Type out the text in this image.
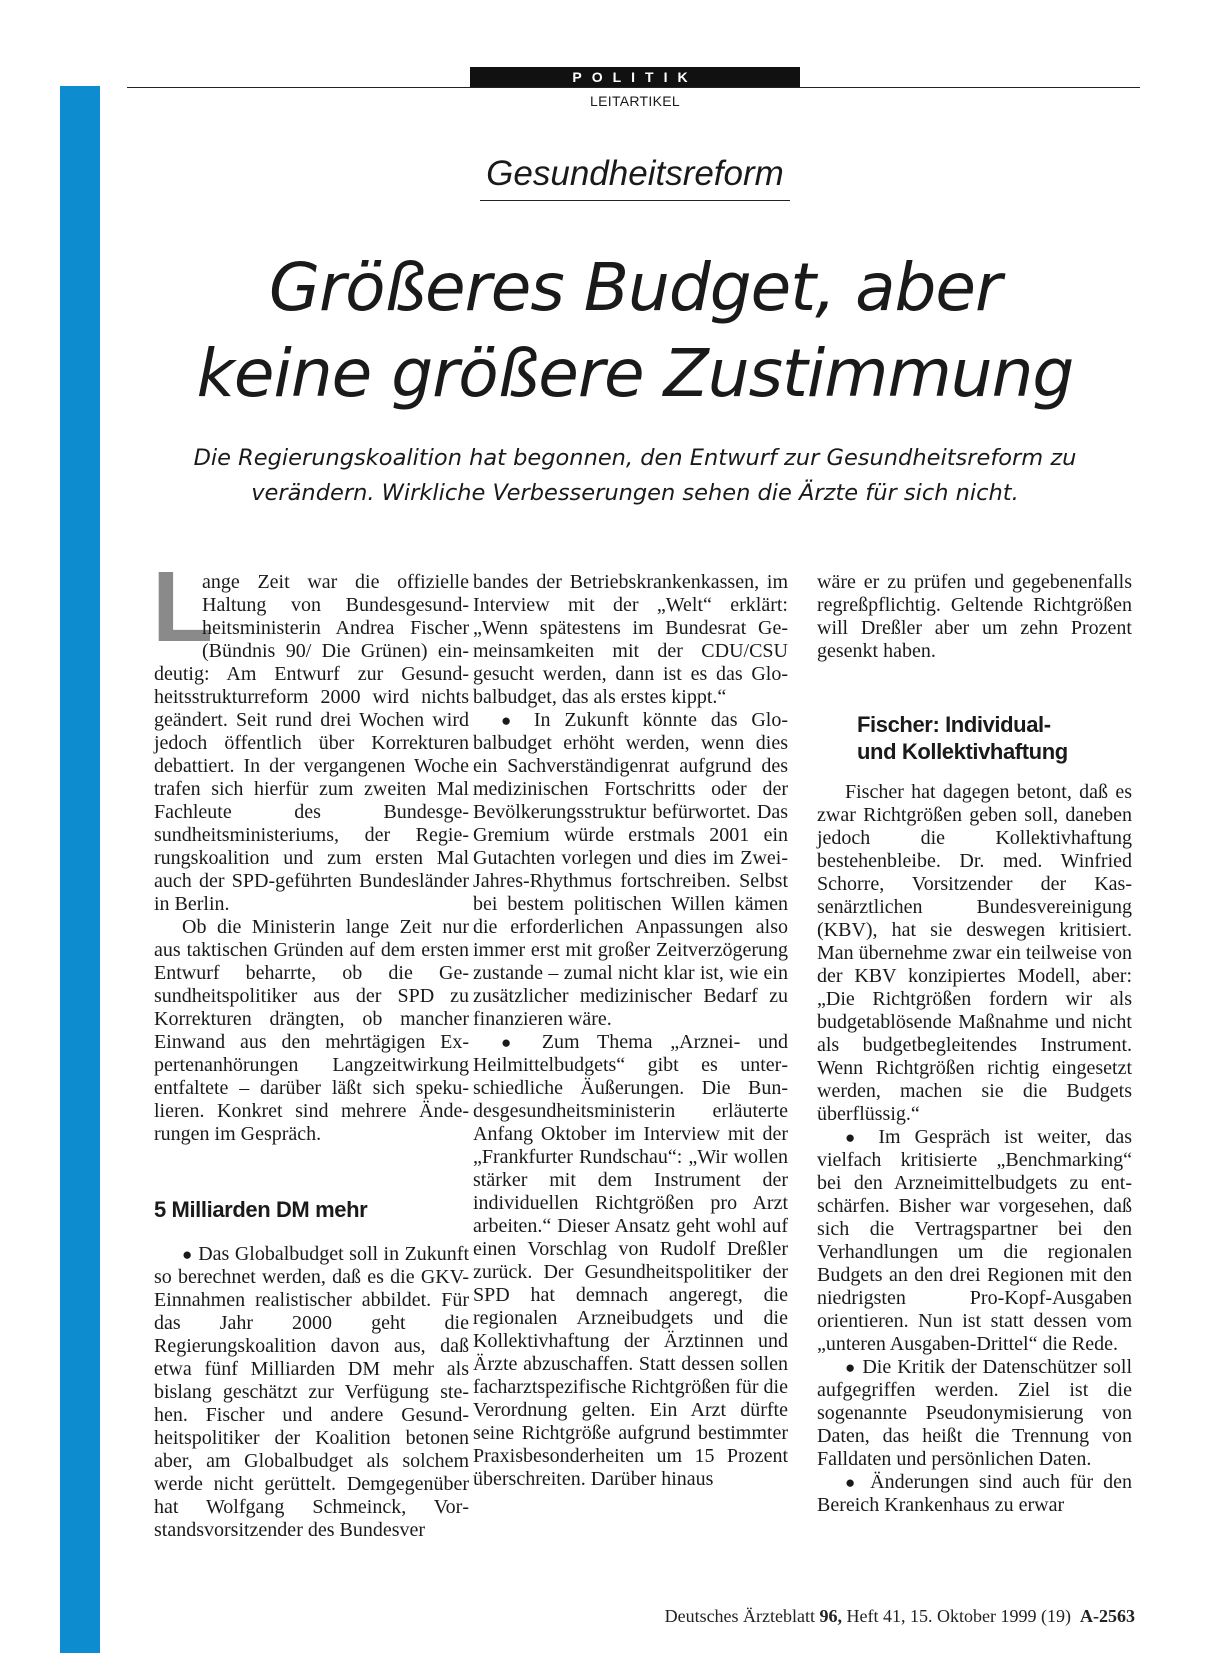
POLITIK
LEITARTIKEL
Gesundheitsreform
Größeres Budget, aber
keine größere Zustimmung
Die Regierungskoalition hat begonnen, den Entwurf zur Gesundheitsreform zu
verändern. Wirkliche Verbesserungen sehen die Ärzte für sich nicht.

L
ange Zeit war die offizielle Haltung von Bundesgesundheitsministerin Andrea Fischer (Bündnis 90/ Die Grünen) eindeutig: Am Entwurf zur Gesundheitsstrukturreform 2000 wird nichts geändert. Seit rund drei Wochen wird jedoch öffentlich über Korrekturen debattiert. In der vergangenen Woche trafen sich hierfür zum zweiten Mal Fachleute des Bundesgesundheitsministeriums, der Regierungskoalition und zum ersten Mal auch der SPD-geführten Bundesländer in Berlin.

Ob die Ministerin lange Zeit nur aus taktischen Gründen auf dem ersten Entwurf beharrte, ob die Gesundheitspolitiker aus der SPD zu Korrekturen drängten, ob mancher Einwand aus den mehrtägigen Expertenanhörungen Langzeitwirkung entfaltete – darüber läßt sich spekulieren. Konkret sind mehrere Änderungen im Gespräch.

5 Milliarden DM mehr

● Das Globalbudget soll in Zukunft so berechnet werden, daß es die GKV-Einnahmen realistischer abbildet. Für das Jahr 2000 geht die Regierungskoalition davon aus, daß etwa fünf Milliarden DM mehr als bislang geschätzt zur Verfügung stehen. Fischer und andere Gesundheitspolitiker der Koalition betonen aber, am Globalbudget als solchem werde nicht gerüttelt. Demgegenüber hat Wolfgang Schmeinck, Vorstandsvorsitzender des Bundesver

bandes der Betriebskrankenkassen, im Interview mit der „Welt“ erklärt: „Wenn spätestens im Bundesrat Gemeinsamkeiten mit der CDU/CSU gesucht werden, dann ist es das Globalbudget, das als erstes kippt.“

● In Zukunft könnte das Globalbudget erhöht werden, wenn dies ein Sachverständigenrat aufgrund des medizinischen Fortschritts oder der Bevölkerungsstruktur befürwortet. Das Gremium würde erstmals 2001 ein Gutachten vorlegen und dies im Zwei-Jahres-Rhythmus fortschreiben. Selbst bei bestem politischen Willen kämen die erforderlichen Anpassungen also immer erst mit großer Zeitverzögerung zustande – zumal nicht klar ist, wie ein zusätzlicher medizinischer Bedarf zu finanzieren wäre.

● Zum Thema „Arznei- und Heilmittelbudgets“ gibt es unterschiedliche Äußerungen. Die Bundesgesundheitsministerin erläuterte Anfang Oktober im Interview mit der „Frankfurter Rundschau“: „Wir wollen stärker mit dem Instrument der individuellen Richtgrößen pro Arzt arbeiten.“ Dieser Ansatz geht wohl auf einen Vorschlag von Rudolf Dreßler zurück. Der Gesundheitspolitiker der SPD hat demnach angeregt, die regionalen Arzneibudgets und die Kollektivhaftung der Ärztinnen und Ärzte abzuschaffen. Statt dessen sollen facharztspezifische Richtgrößen für die Verordnung gelten. Ein Arzt dürfte seine Richtgröße aufgrund bestimmter Praxisbesonderheiten um 15 Prozent überschreiten. Darüber hinaus

wäre er zu prüfen und gegebenenfalls regreßpflichtig. Geltende Richtgrößen will Dreßler aber um zehn Prozent gesenkt haben.

Fischer: Individual-
und Kollektivhaftung

Fischer hat dagegen betont, daß es zwar Richtgrößen geben soll, daneben jedoch die Kollektivhaftung bestehenbleibe. Dr. med. Winfried Schorre, Vorsitzender der Kassenärztlichen Bundesvereinigung (KBV), hat sie deswegen kritisiert. Man übernehme zwar ein teilweise von der KBV konzipiertes Modell, aber: „Die Richtgrößen fordern wir als budgetablösende Maßnahme und nicht als budgetbegleitendes Instrument. Wenn Richtgrößen richtig eingesetzt werden, machen sie die Budgets überflüssig.“

● Im Gespräch ist weiter, das vielfach kritisierte „Benchmarking“ bei den Arzneimittelbudgets zu entschärfen. Bisher war vorgesehen, daß sich die Vertragspartner bei den Verhandlungen um die regionalen Budgets an den drei Regionen mit den niedrigsten Pro-Kopf-Ausgaben orientieren. Nun ist statt dessen vom „unteren Ausgaben-Drittel“ die Rede.

● Die Kritik der Datenschützer soll aufgegriffen werden. Ziel ist die sogenannte Pseudonymisierung von Daten, das heißt die Trennung von Falldaten und persönlichen Daten.

● Änderungen sind auch für den Bereich Krankenhaus zu erwar

Deutsches Ärzteblatt 96, Heft 41, 15. Oktober 1999 (19) A-2563
